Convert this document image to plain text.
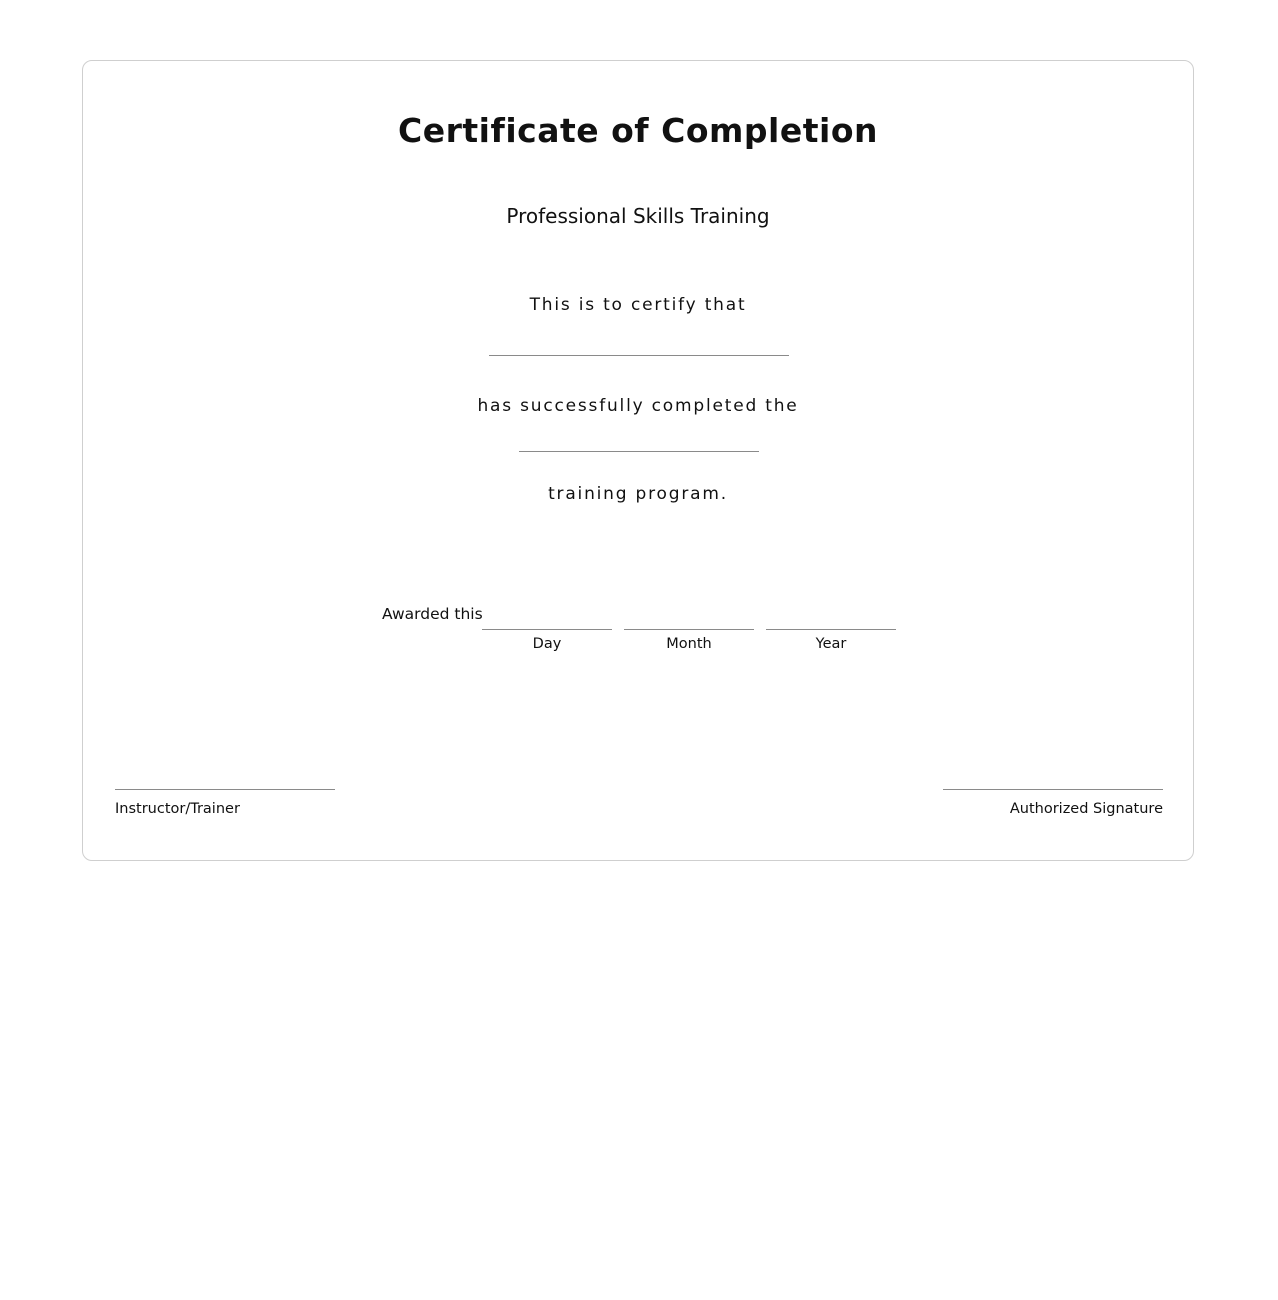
Certificate of Completion
Professional Skills Training
This is to certify that
has successfully completed the
training program.
Awarded this
Day	Month	Year
Instructor/Trainer	Authorized Signature
